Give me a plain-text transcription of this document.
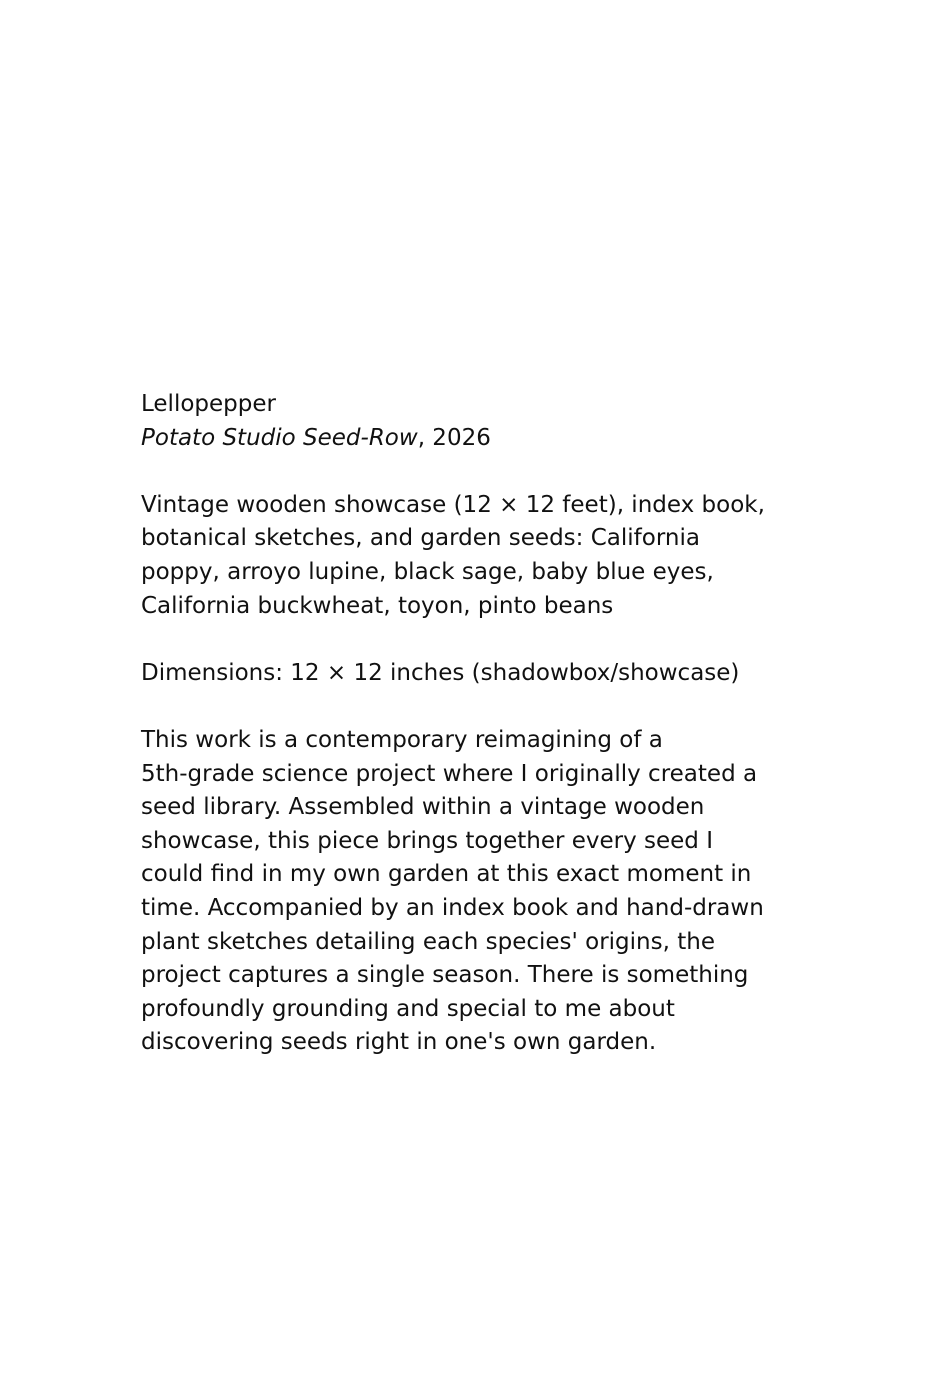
Lellopepper

Potato Studio Seed-Row, 2026

Vintage wooden showcase (12 × 12 feet), index book,
botanical sketches, and garden seeds: California
poppy, arroyo lupine, black sage, baby blue eyes,
California buckwheat, toyon, pinto beans

Dimensions: 12 × 12 inches (shadowbox/showcase)

This work is a contemporary reimagining of a
5th-grade science project where I originally created a
seed library. Assembled within a vintage wooden
showcase, this piece brings together every seed I
could find in my own garden at this exact moment in
time. Accompanied by an index book and hand-drawn
plant sketches detailing each species' origins, the
project captures a single season. There is something
profoundly grounding and special to me about
discovering seeds right in one's own garden.
